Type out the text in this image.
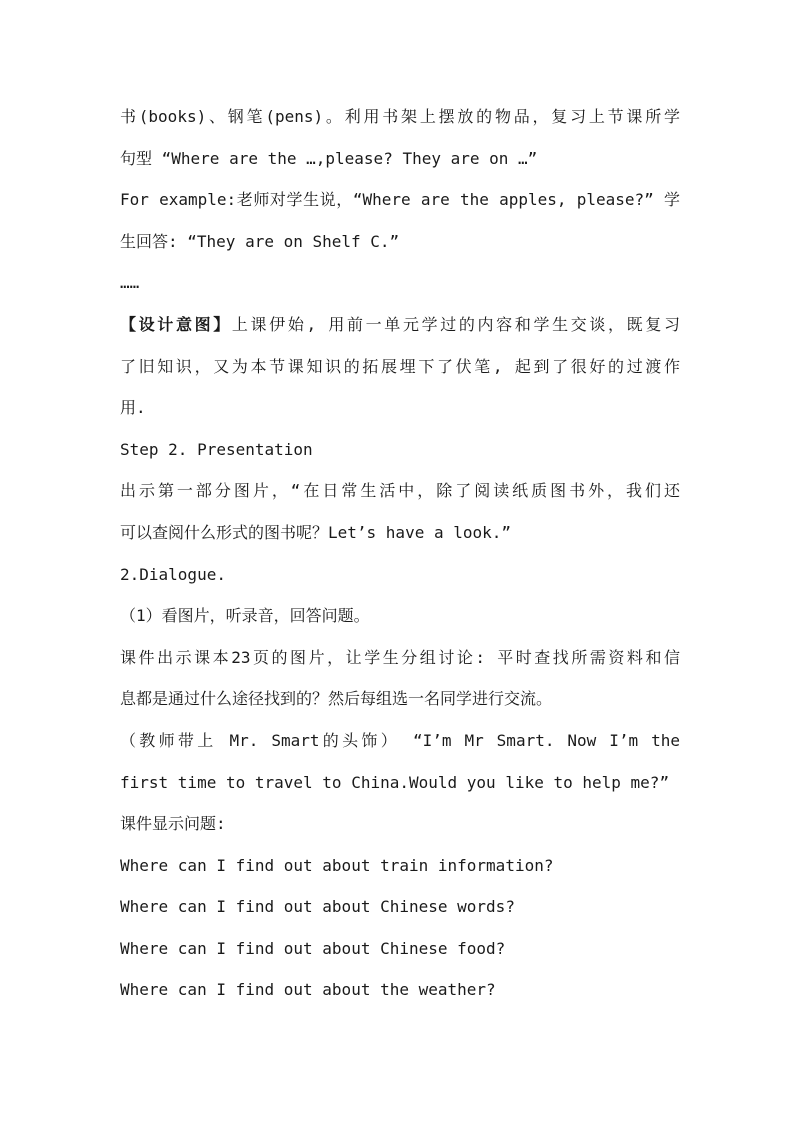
书(books)、钢笔(pens)。利用书架上摆放的物品，复习上节课所学
句型 “Where are the …,please? They are on …”
For example:老师对学生说，“Where are the apples, please?” 学
生回答: “They are on Shelf C.”
……
【设计意图】上课伊始, 用前一单元学过的内容和学生交谈，既复习
了旧知识，又为本节课知识的拓展埋下了伏笔, 起到了很好的过渡作
用.
Step 2. Presentation
出示第一部分图片，“在日常生活中，除了阅读纸质图书外，我们还
可以查阅什么形式的图书呢？Let’s have a look.”
2.Dialogue.
（1）看图片，听录音，回答问题。
课件出示课本23页的图片，让学生分组讨论: 平时查找所需资料和信
息都是通过什么途径找到的？然后每组选一名同学进行交流。
（教师带上 Mr. Smart的头饰） “I’m Mr Smart. Now I’m the
first time to travel to China.Would you like to help me?”
课件显示问题:
Where can I find out about train information?
Where can I find out about Chinese words?
Where can I find out about Chinese food?
Where can I find out about the weather?
